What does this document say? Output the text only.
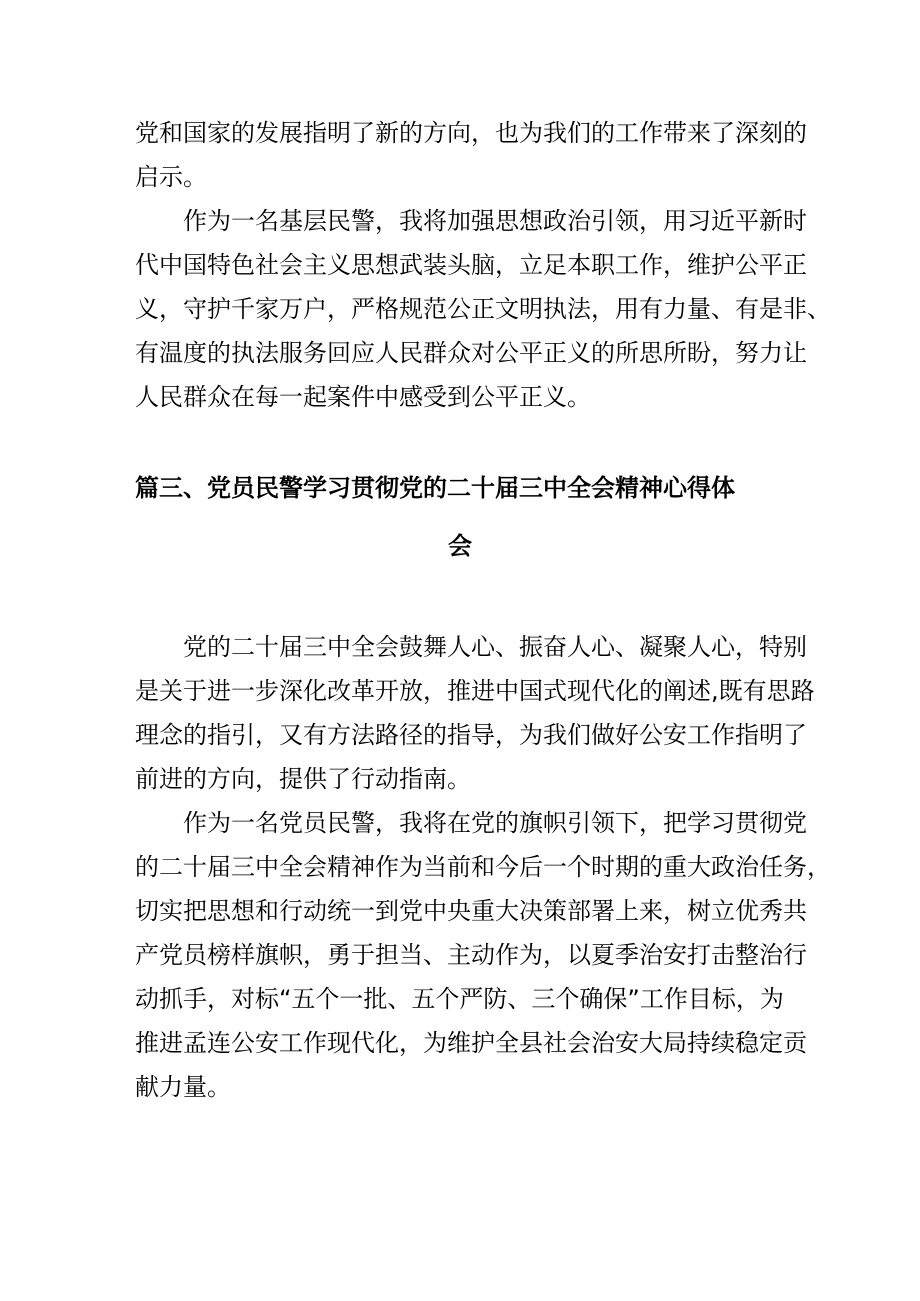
党和国家的发展指明了新的方向，也为我们的工作带来了深刻的
启示。
作为一名基层民警，我将加强思想政治引领，用习近平新时
代中国特色社会主义思想武装头脑，立足本职工作，维护公平正
义，守护千家万户，严格规范公正文明执法，用有力量、有是非、
有温度的执法服务回应人民群众对公平正义的所思所盼，努力让
人民群众在每一起案件中感受到公平正义。
篇三、党员民警学习贯彻党的二十届三中全会精神心得体
会
党的二十届三中全会鼓舞人心、振奋人心、凝聚人心，特别
是关于进一步深化改革开放，推进中国式现代化的阐述,既有思路
理念的指引，又有方法路径的指导，为我们做好公安工作指明了
前进的方向，提供了行动指南。
作为一名党员民警，我将在党的旗帜引领下，把学习贯彻党
的二十届三中全会精神作为当前和今后一个时期的重大政治任务，
切实把思想和行动统一到党中央重大决策部署上来，树立优秀共
产党员榜样旗帜，勇于担当、主动作为，以夏季治安打击整治行
动抓手，对标“五个一批、五个严防、三个确保”工作目标，为
推进孟连公安工作现代化，为维护全县社会治安大局持续稳定贡
献力量。
